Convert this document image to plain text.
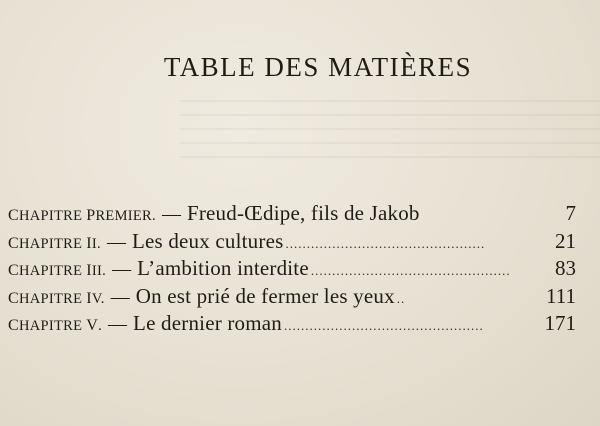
TABLE DES MATIÈRES
CHAPITRE PREMIER. — Freud-Œdipe, fils de Jakob	7
CHAPITRE II. — Les deux cultures ...............................................	21
CHAPITRE III. — L’ambition interdite ...............................................	83
CHAPITRE IV. — On est prié de fermer les yeux ..	111
CHAPITRE V. — Le dernier roman ...............................................	171
